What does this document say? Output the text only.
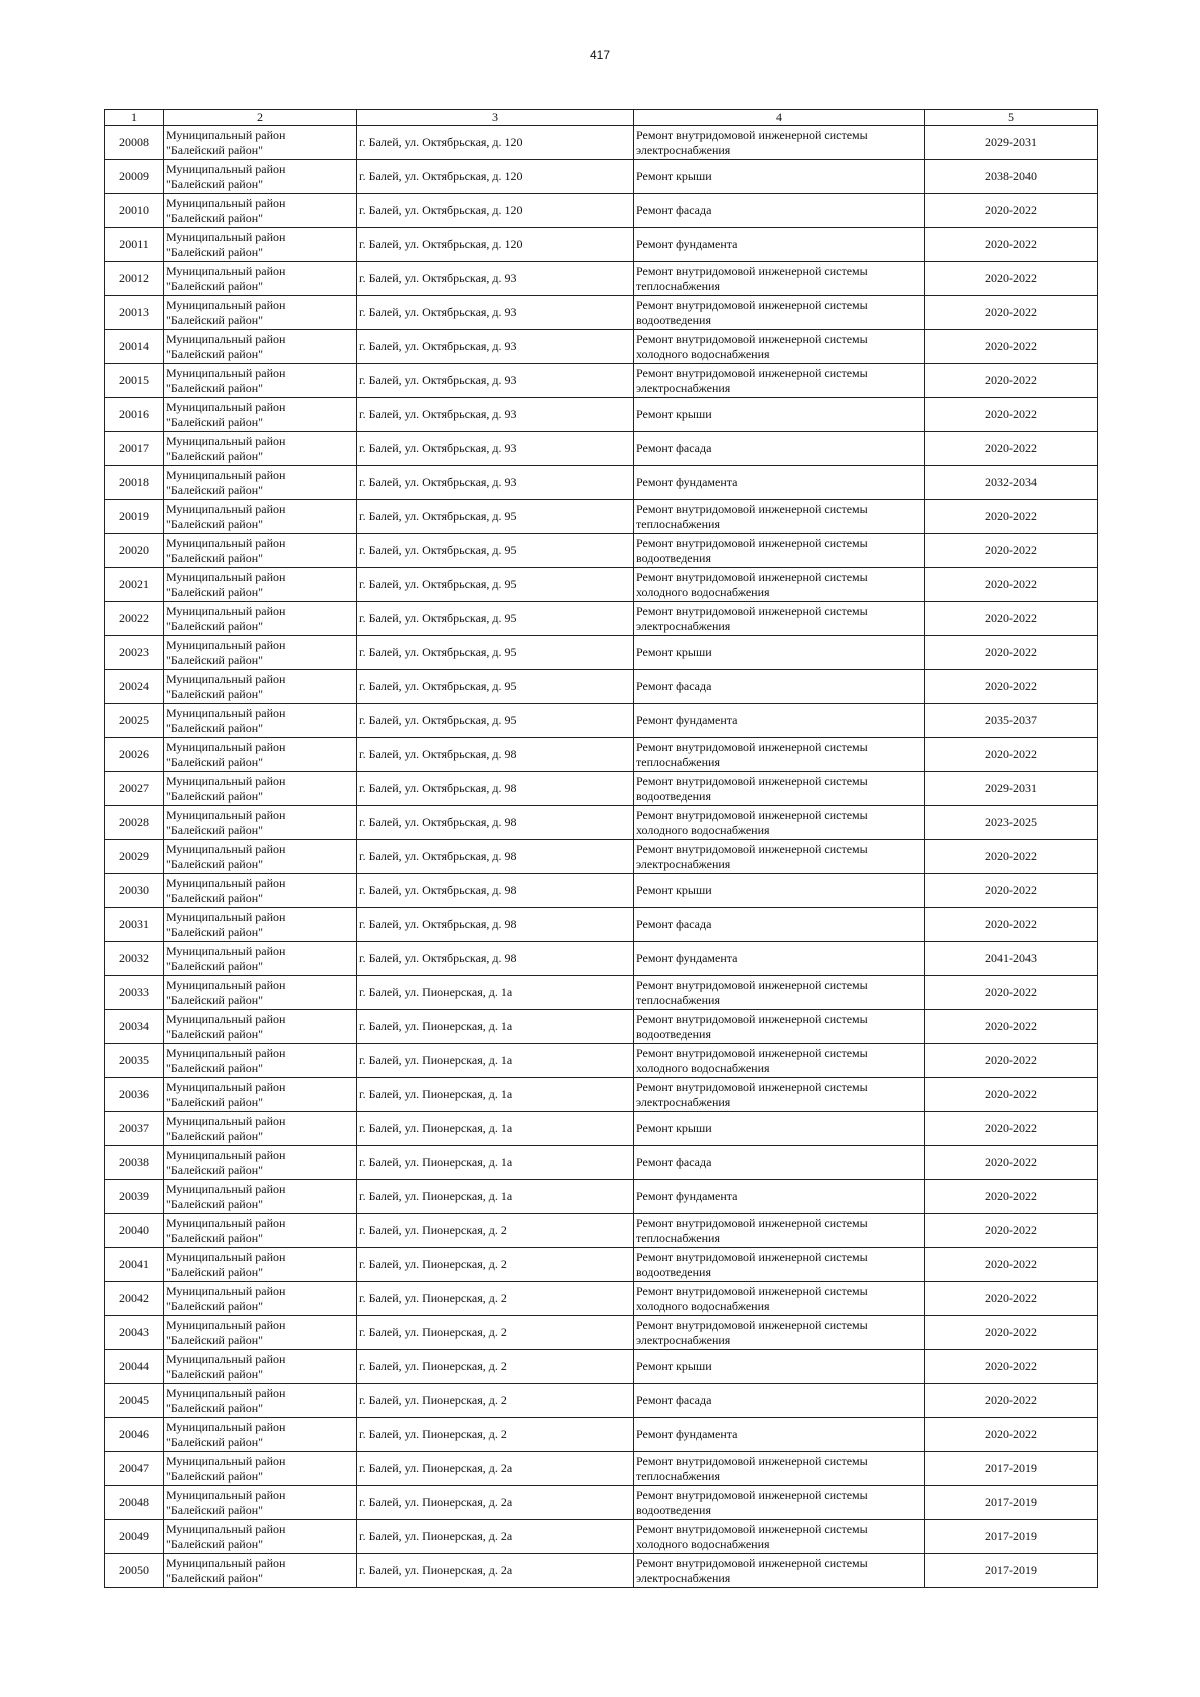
417
1	2	3	4	5
20008	Муниципальный район
"Балейский район"	г. Балей, ул. Октябрьская, д. 120	Ремонт внутридомовой инженерной системы
электроснабжения	2029-2031
20009	Муниципальный район
"Балейский район"	г. Балей, ул. Октябрьская, д. 120	Ремонт крыши	2038-2040
20010	Муниципальный район
"Балейский район"	г. Балей, ул. Октябрьская, д. 120	Ремонт фасада	2020-2022
20011	Муниципальный район
"Балейский район"	г. Балей, ул. Октябрьская, д. 120	Ремонт фундамента	2020-2022
20012	Муниципальный район
"Балейский район"	г. Балей, ул. Октябрьская, д. 93	Ремонт внутридомовой инженерной системы
теплоснабжения	2020-2022
20013	Муниципальный район
"Балейский район"	г. Балей, ул. Октябрьская, д. 93	Ремонт внутридомовой инженерной системы
водоотведения	2020-2022
20014	Муниципальный район
"Балейский район"	г. Балей, ул. Октябрьская, д. 93	Ремонт внутридомовой инженерной системы
холодного водоснабжения	2020-2022
20015	Муниципальный район
"Балейский район"	г. Балей, ул. Октябрьская, д. 93	Ремонт внутридомовой инженерной системы
электроснабжения	2020-2022
20016	Муниципальный район
"Балейский район"	г. Балей, ул. Октябрьская, д. 93	Ремонт крыши	2020-2022
20017	Муниципальный район
"Балейский район"	г. Балей, ул. Октябрьская, д. 93	Ремонт фасада	2020-2022
20018	Муниципальный район
"Балейский район"	г. Балей, ул. Октябрьская, д. 93	Ремонт фундамента	2032-2034
20019	Муниципальный район
"Балейский район"	г. Балей, ул. Октябрьская, д. 95	Ремонт внутридомовой инженерной системы
теплоснабжения	2020-2022
20020	Муниципальный район
"Балейский район"	г. Балей, ул. Октябрьская, д. 95	Ремонт внутридомовой инженерной системы
водоотведения	2020-2022
20021	Муниципальный район
"Балейский район"	г. Балей, ул. Октябрьская, д. 95	Ремонт внутридомовой инженерной системы
холодного водоснабжения	2020-2022
20022	Муниципальный район
"Балейский район"	г. Балей, ул. Октябрьская, д. 95	Ремонт внутридомовой инженерной системы
электроснабжения	2020-2022
20023	Муниципальный район
"Балейский район"	г. Балей, ул. Октябрьская, д. 95	Ремонт крыши	2020-2022
20024	Муниципальный район
"Балейский район"	г. Балей, ул. Октябрьская, д. 95	Ремонт фасада	2020-2022
20025	Муниципальный район
"Балейский район"	г. Балей, ул. Октябрьская, д. 95	Ремонт фундамента	2035-2037
20026	Муниципальный район
"Балейский район"	г. Балей, ул. Октябрьская, д. 98	Ремонт внутридомовой инженерной системы
теплоснабжения	2020-2022
20027	Муниципальный район
"Балейский район"	г. Балей, ул. Октябрьская, д. 98	Ремонт внутридомовой инженерной системы
водоотведения	2029-2031
20028	Муниципальный район
"Балейский район"	г. Балей, ул. Октябрьская, д. 98	Ремонт внутридомовой инженерной системы
холодного водоснабжения	2023-2025
20029	Муниципальный район
"Балейский район"	г. Балей, ул. Октябрьская, д. 98	Ремонт внутридомовой инженерной системы
электроснабжения	2020-2022
20030	Муниципальный район
"Балейский район"	г. Балей, ул. Октябрьская, д. 98	Ремонт крыши	2020-2022
20031	Муниципальный район
"Балейский район"	г. Балей, ул. Октябрьская, д. 98	Ремонт фасада	2020-2022
20032	Муниципальный район
"Балейский район"	г. Балей, ул. Октябрьская, д. 98	Ремонт фундамента	2041-2043
20033	Муниципальный район
"Балейский район"	г. Балей, ул. Пионерская, д. 1а	Ремонт внутридомовой инженерной системы
теплоснабжения	2020-2022
20034	Муниципальный район
"Балейский район"	г. Балей, ул. Пионерская, д. 1а	Ремонт внутридомовой инженерной системы
водоотведения	2020-2022
20035	Муниципальный район
"Балейский район"	г. Балей, ул. Пионерская, д. 1а	Ремонт внутридомовой инженерной системы
холодного водоснабжения	2020-2022
20036	Муниципальный район
"Балейский район"	г. Балей, ул. Пионерская, д. 1а	Ремонт внутридомовой инженерной системы
электроснабжения	2020-2022
20037	Муниципальный район
"Балейский район"	г. Балей, ул. Пионерская, д. 1а	Ремонт крыши	2020-2022
20038	Муниципальный район
"Балейский район"	г. Балей, ул. Пионерская, д. 1а	Ремонт фасада	2020-2022
20039	Муниципальный район
"Балейский район"	г. Балей, ул. Пионерская, д. 1а	Ремонт фундамента	2020-2022
20040	Муниципальный район
"Балейский район"	г. Балей, ул. Пионерская, д. 2	Ремонт внутридомовой инженерной системы
теплоснабжения	2020-2022
20041	Муниципальный район
"Балейский район"	г. Балей, ул. Пионерская, д. 2	Ремонт внутридомовой инженерной системы
водоотведения	2020-2022
20042	Муниципальный район
"Балейский район"	г. Балей, ул. Пионерская, д. 2	Ремонт внутридомовой инженерной системы
холодного водоснабжения	2020-2022
20043	Муниципальный район
"Балейский район"	г. Балей, ул. Пионерская, д. 2	Ремонт внутридомовой инженерной системы
электроснабжения	2020-2022
20044	Муниципальный район
"Балейский район"	г. Балей, ул. Пионерская, д. 2	Ремонт крыши	2020-2022
20045	Муниципальный район
"Балейский район"	г. Балей, ул. Пионерская, д. 2	Ремонт фасада	2020-2022
20046	Муниципальный район
"Балейский район"	г. Балей, ул. Пионерская, д. 2	Ремонт фундамента	2020-2022
20047	Муниципальный район
"Балейский район"	г. Балей, ул. Пионерская, д. 2а	Ремонт внутридомовой инженерной системы
теплоснабжения	2017-2019
20048	Муниципальный район
"Балейский район"	г. Балей, ул. Пионерская, д. 2а	Ремонт внутридомовой инженерной системы
водоотведения	2017-2019
20049	Муниципальный район
"Балейский район"	г. Балей, ул. Пионерская, д. 2а	Ремонт внутридомовой инженерной системы
холодного водоснабжения	2017-2019
20050	Муниципальный район
"Балейский район"	г. Балей, ул. Пионерская, д. 2а	Ремонт внутридомовой инженерной системы
электроснабжения	2017-2019
